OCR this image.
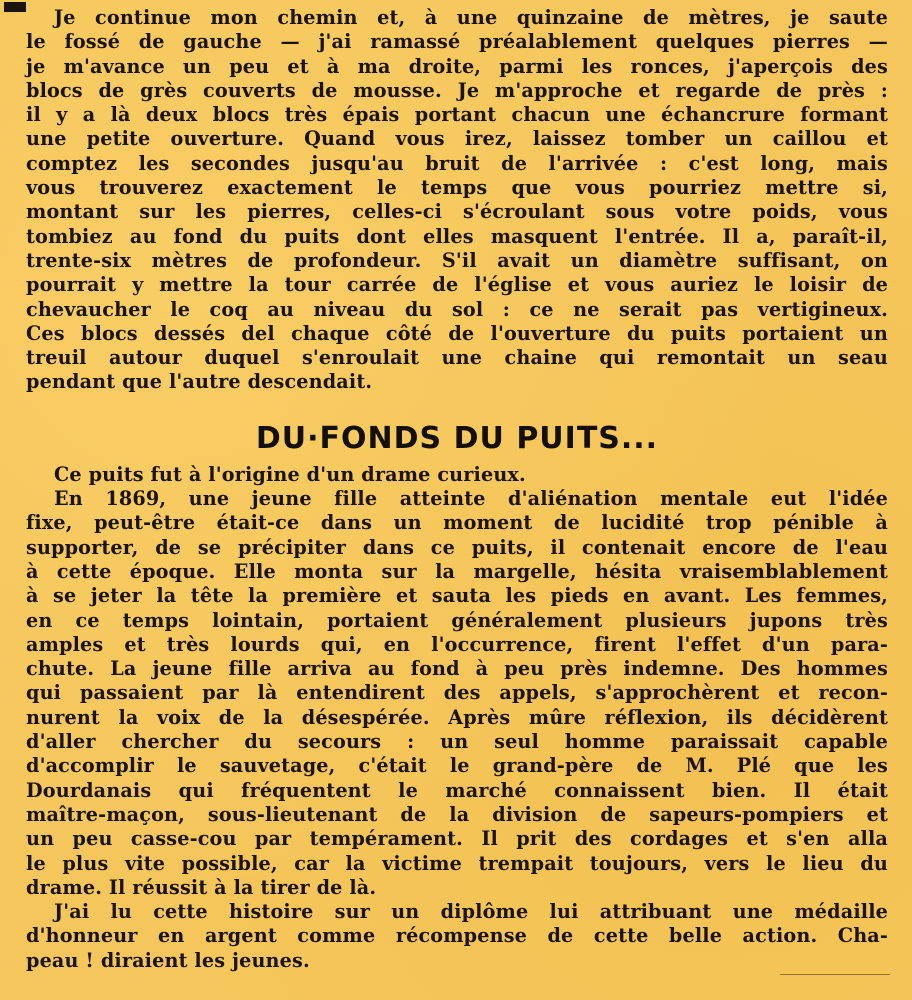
Je continue mon chemin et, à une quinzaine de mètres, je saute
le fossé de gauche — j'ai ramassé préalablement quelques pierres —
je m'avance un peu et à ma droite, parmi les ronces, j'aperçois des
blocs de grès couverts de mousse. Je m'approche et regarde de près :
il y a là deux blocs très épais portant chacun une échancrure formant
une petite ouverture. Quand vous irez, laissez tomber un caillou et
comptez les secondes jusqu'au bruit de l'arrivée : c'est long, mais
vous trouverez exactement le temps que vous pourriez mettre si,
montant sur les pierres, celles-ci s'écroulant sous votre poids, vous
tombiez au fond du puits dont elles masquent l'entrée. Il a, paraît-il,
trente-six mètres de profondeur. S'il avait un diamètre suffisant, on
pourrait y mettre la tour carrée de l'église et vous auriez le loisir de
chevaucher le coq au niveau du sol : ce ne serait pas vertigineux.
Ces blocs dessés del chaque côté de l'ouverture du puits portaient un
treuil autour duquel s'enroulait une chaine qui remontait un seau
pendant que l'autre descendait.
DU·FONDS DU PUITS...
Ce puits fut à l'origine d'un drame curieux.
En 1869, une jeune fille atteinte d'aliénation mentale eut l'idée
fixe, peut-être était-ce dans un moment de lucidité trop pénible à
supporter, de se précipiter dans ce puits, il contenait encore de l'eau
à cette époque. Elle monta sur la margelle, hésita vraisemblablement
à se jeter la tête la première et sauta les pieds en avant. Les femmes,
en ce temps lointain, portaient généralement plusieurs jupons très
amples et très lourds qui, en l'occurrence, firent l'effet d'un para-
chute. La jeune fille arriva au fond à peu près indemne. Des hommes
qui passaient par là entendirent des appels, s'approchèrent et recon-
nurent la voix de la désespérée. Après mûre réflexion, ils décidèrent
d'aller chercher du secours : un seul homme paraissait capable
d'accomplir le sauvetage, c'était le grand-père de M. Plé que les
Dourdanais qui fréquentent le marché connaissent bien. Il était
maître-maçon, sous-lieutenant de la division de sapeurs-pompiers et
un peu casse-cou par tempérament. Il prit des cordages et s'en alla
le plus vite possible, car la victime trempait toujours, vers le lieu du
drame. Il réussit à la tirer de là.
J'ai lu cette histoire sur un diplôme lui attribuant une médaille
d'honneur en argent comme récompense de cette belle action. Cha-
peau ! diraient les jeunes.
